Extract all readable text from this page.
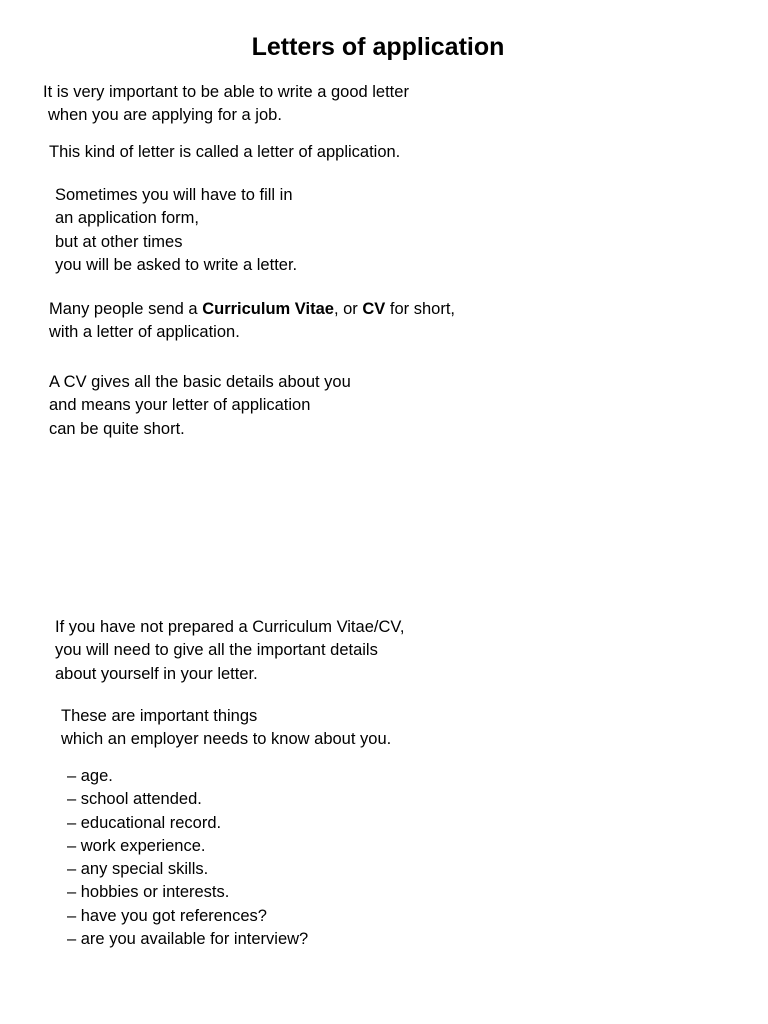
Letters of application
It is very important to be able to write a good letter
when you are applying for a job.
This kind of letter is called a letter of application.
Sometimes you will have to fill in
an application form,
but at other times
you will be asked to write a letter.
Many people send a Curriculum Vitae, or CV for short,
with a letter of application.
A CV gives all the basic details about you
and means your letter of application
can be quite short.
If you have not prepared a Curriculum Vitae/CV,
you will need to give all the important details
about yourself in your letter.
These are important things
which an employer needs to know about you.
– age.
– school attended.
– educational record.
– work experience.
– any special skills.
– hobbies or interests.
– have you got references?
– are you available for interview?
